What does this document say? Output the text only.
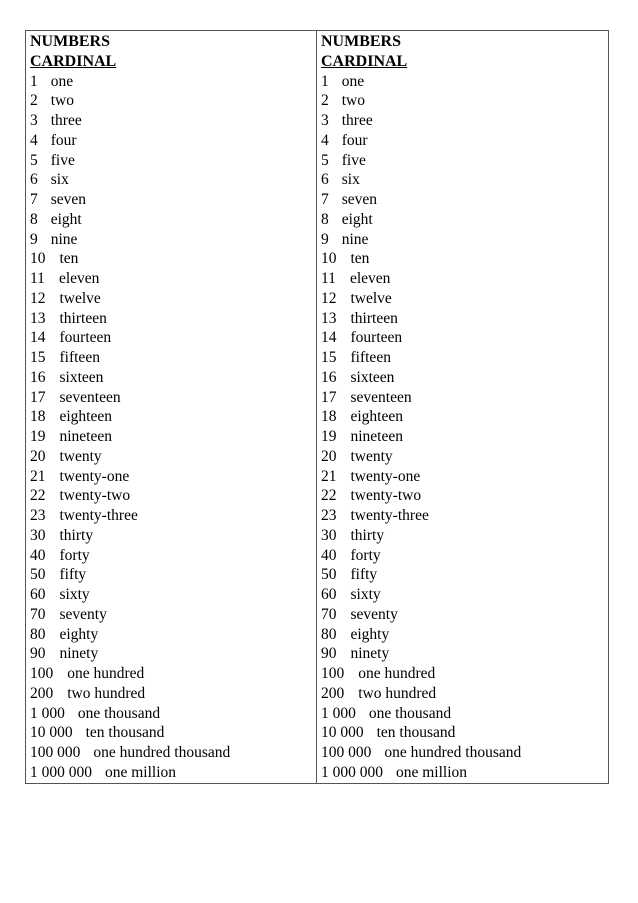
NUMBERS
CARDINAL
1 one
2 two
3 three
4 four
5 five
6 six
7 seven
8 eight
9 nine
10 ten
11 eleven
12 twelve
13 thirteen
14 fourteen
15 fifteen
16 sixteen
17 seventeen
18 eighteen
19 nineteen
20 twenty
21 twenty-one
22 twenty-two
23 twenty-three
30 thirty
40 forty
50 fifty
60 sixty
70 seventy
80 eighty
90 ninety
100 one hundred
200 two hundred
1 000 one thousand
10 000 ten thousand
100 000 one hundred thousand
1 000 000 one million
NUMBERS
CARDINAL
1 one
2 two
3 three
4 four
5 five
6 six
7 seven
8 eight
9 nine
10 ten
11 eleven
12 twelve
13 thirteen
14 fourteen
15 fifteen
16 sixteen
17 seventeen
18 eighteen
19 nineteen
20 twenty
21 twenty-one
22 twenty-two
23 twenty-three
30 thirty
40 forty
50 fifty
60 sixty
70 seventy
80 eighty
90 ninety
100 one hundred
200 two hundred
1 000 one thousand
10 000 ten thousand
100 000 one hundred thousand
1 000 000 one million
